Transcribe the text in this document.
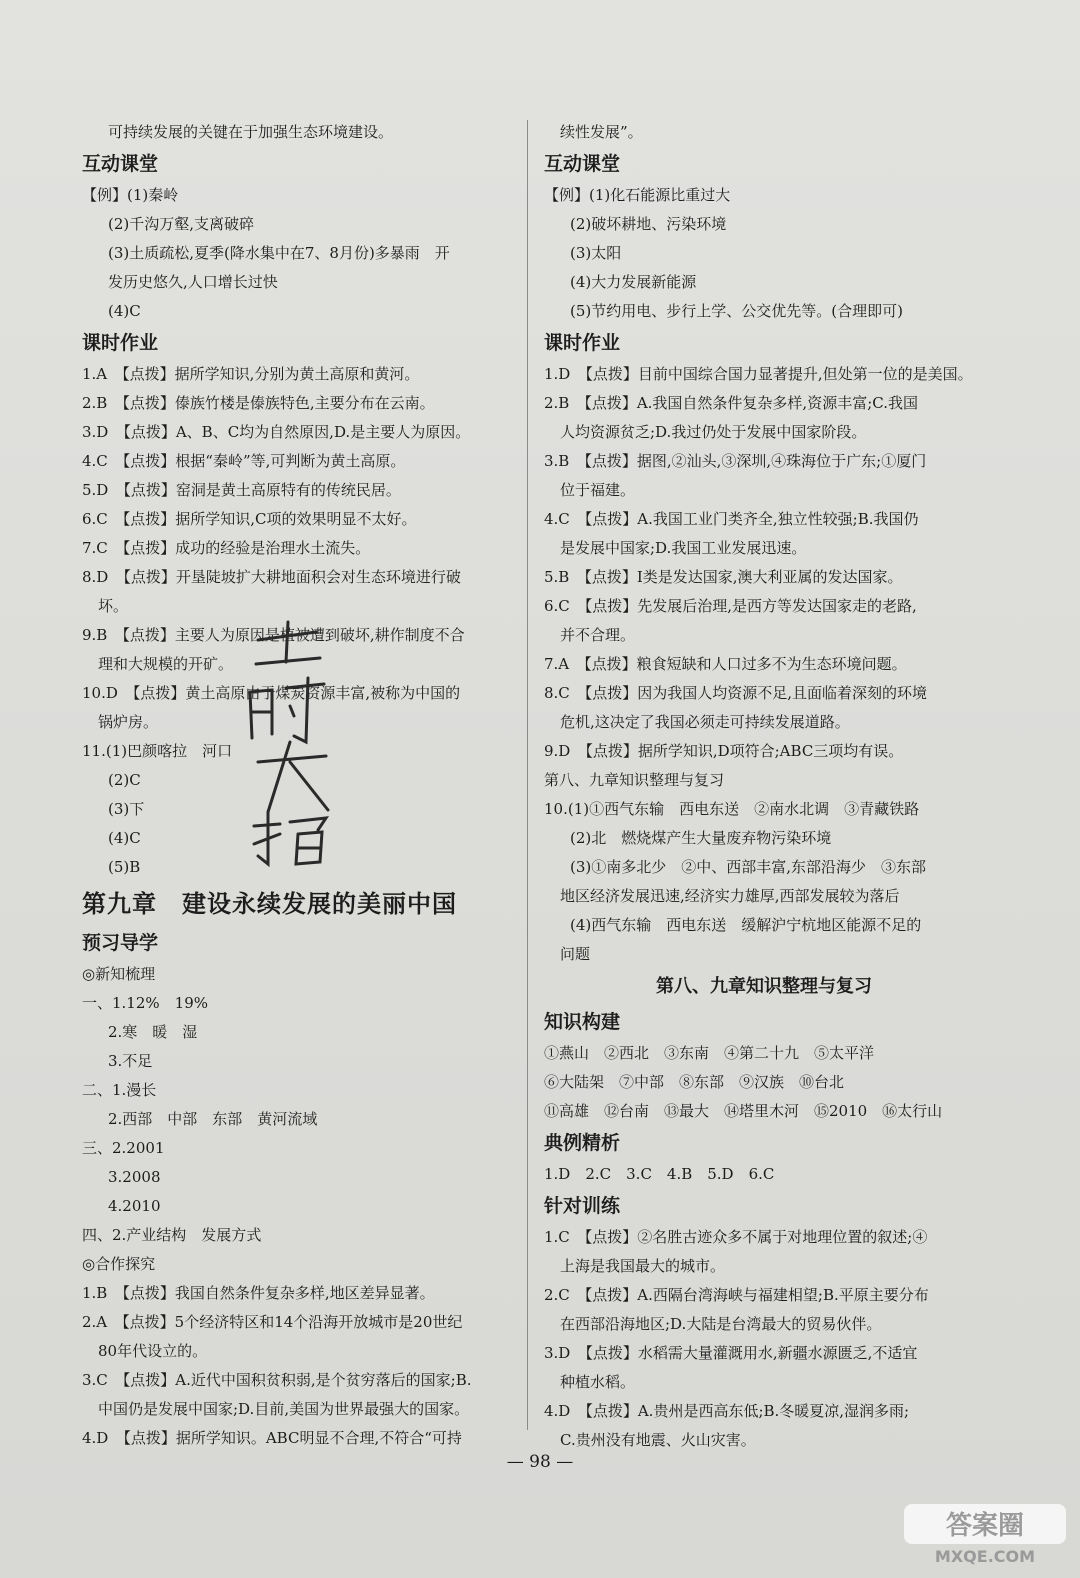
可持续发展的关键在于加强生态环境建设。
互动课堂
【例】(1)秦岭
(2)千沟万壑,支离破碎
(3)土质疏松,夏季(降水集中在7、8月份)多暴雨　开
发历史悠久,人口增长过快
(4)C
课时作业
1.A　【点拨】据所学知识,分别为黄土高原和黄河。
2.B　【点拨】傣族竹楼是傣族特色,主要分布在云南。
3.D　【点拨】A、B、C均为自然原因,D.是主要人为原因。
4.C　【点拨】根据“秦岭”等,可判断为黄土高原。
5.D　【点拨】窑洞是黄土高原特有的传统民居。
6.C　【点拨】据所学知识,C项的效果明显不太好。
7.C　【点拨】成功的经验是治理水土流失。
8.D　【点拨】开垦陡坡扩大耕地面积会对生态环境进行破
坏。
9.B　【点拨】主要人为原因是植被遭到破坏,耕作制度不合
理和大规模的开矿。
10.D　【点拨】黄土高原由于煤炭资源丰富,被称为中国的
锅炉房。
11.(1)巴颜喀拉　河口
(2)C
(3)下
(4)C
(5)B
第九章　建设永续发展的美丽中国
预习导学
◎新知梳理
一、1.12%　19%
2.寒　暖　湿
3.不足
二、1.漫长
2.西部　中部　东部　黄河流域
三、2.2001
3.2008
4.2010
四、2.产业结构　发展方式
◎合作探究
1.B　【点拨】我国自然条件复杂多样,地区差异显著。
2.A　【点拨】5个经济特区和14个沿海开放城市是20世纪
80年代设立的。
3.C　【点拨】A.近代中国积贫积弱,是个贫穷落后的国家;B.
中国仍是发展中国家;D.目前,美国为世界最强大的国家。
4.D　【点拨】据所学知识。ABC明显不合理,不符合“可持
续性发展”。
互动课堂
【例】(1)化石能源比重过大
(2)破坏耕地、污染环境
(3)太阳
(4)大力发展新能源
(5)节约用电、步行上学、公交优先等。(合理即可)
课时作业
1.D　【点拨】目前中国综合国力显著提升,但处第一位的是美国。
2.B　【点拨】A.我国自然条件复杂多样,资源丰富;C.我国
人均资源贫乏;D.我过仍处于发展中国家阶段。
3.B　【点拨】据图,②汕头,③深圳,④珠海位于广东;①厦门
位于福建。
4.C　【点拨】A.我国工业门类齐全,独立性较强;B.我国仍
是发展中国家;D.我国工业发展迅速。
5.B　【点拨】Ⅰ类是发达国家,澳大利亚属的发达国家。
6.C　【点拨】先发展后治理,是西方等发达国家走的老路,
并不合理。
7.A　【点拨】粮食短缺和人口过多不为生态环境问题。
8.C　【点拨】因为我国人均资源不足,且面临着深刻的环境
危机,这决定了我国必须走可持续发展道路。
9.D　【点拨】据所学知识,D项符合;ABC三项均有误。
第八、九章知识整理与复习
10.(1)①西气东输　西电东送　②南水北调　③青藏铁路
(2)北　燃烧煤产生大量废弃物污染环境
(3)①南多北少　②中、西部丰富,东部沿海少　③东部
地区经济发展迅速,经济实力雄厚,西部发展较为落后
(4)西气东输　西电东送　缓解沪宁杭地区能源不足的
问题
第八、九章知识整理与复习
知识构建
①燕山　②西北　③东南　④第二十九　⑤太平洋
⑥大陆架　⑦中部　⑧东部　⑨汉族　⑩台北
⑪高雄　⑫台南　⑬最大　⑭塔里木河　⑮2010　⑯太行山
典例精析
1.D　2.C　3.C　4.B　5.D　6.C
针对训练
1.C　【点拨】②名胜古迹众多不属于对地理位置的叙述;④
上海是我国最大的城市。
2.C　【点拨】A.西隔台湾海峡与福建相望;B.平原主要分布
在西部沿海地区;D.大陆是台湾最大的贸易伙伴。
3.D　【点拨】水稻需大量灌溉用水,新疆水源匮乏,不适宜
种植水稻。
4.D　【点拨】A.贵州是西高东低;B.冬暖夏凉,湿润多雨;
C.贵州没有地震、火山灾害。
— 98 —
答案圈
MXQE.COM
